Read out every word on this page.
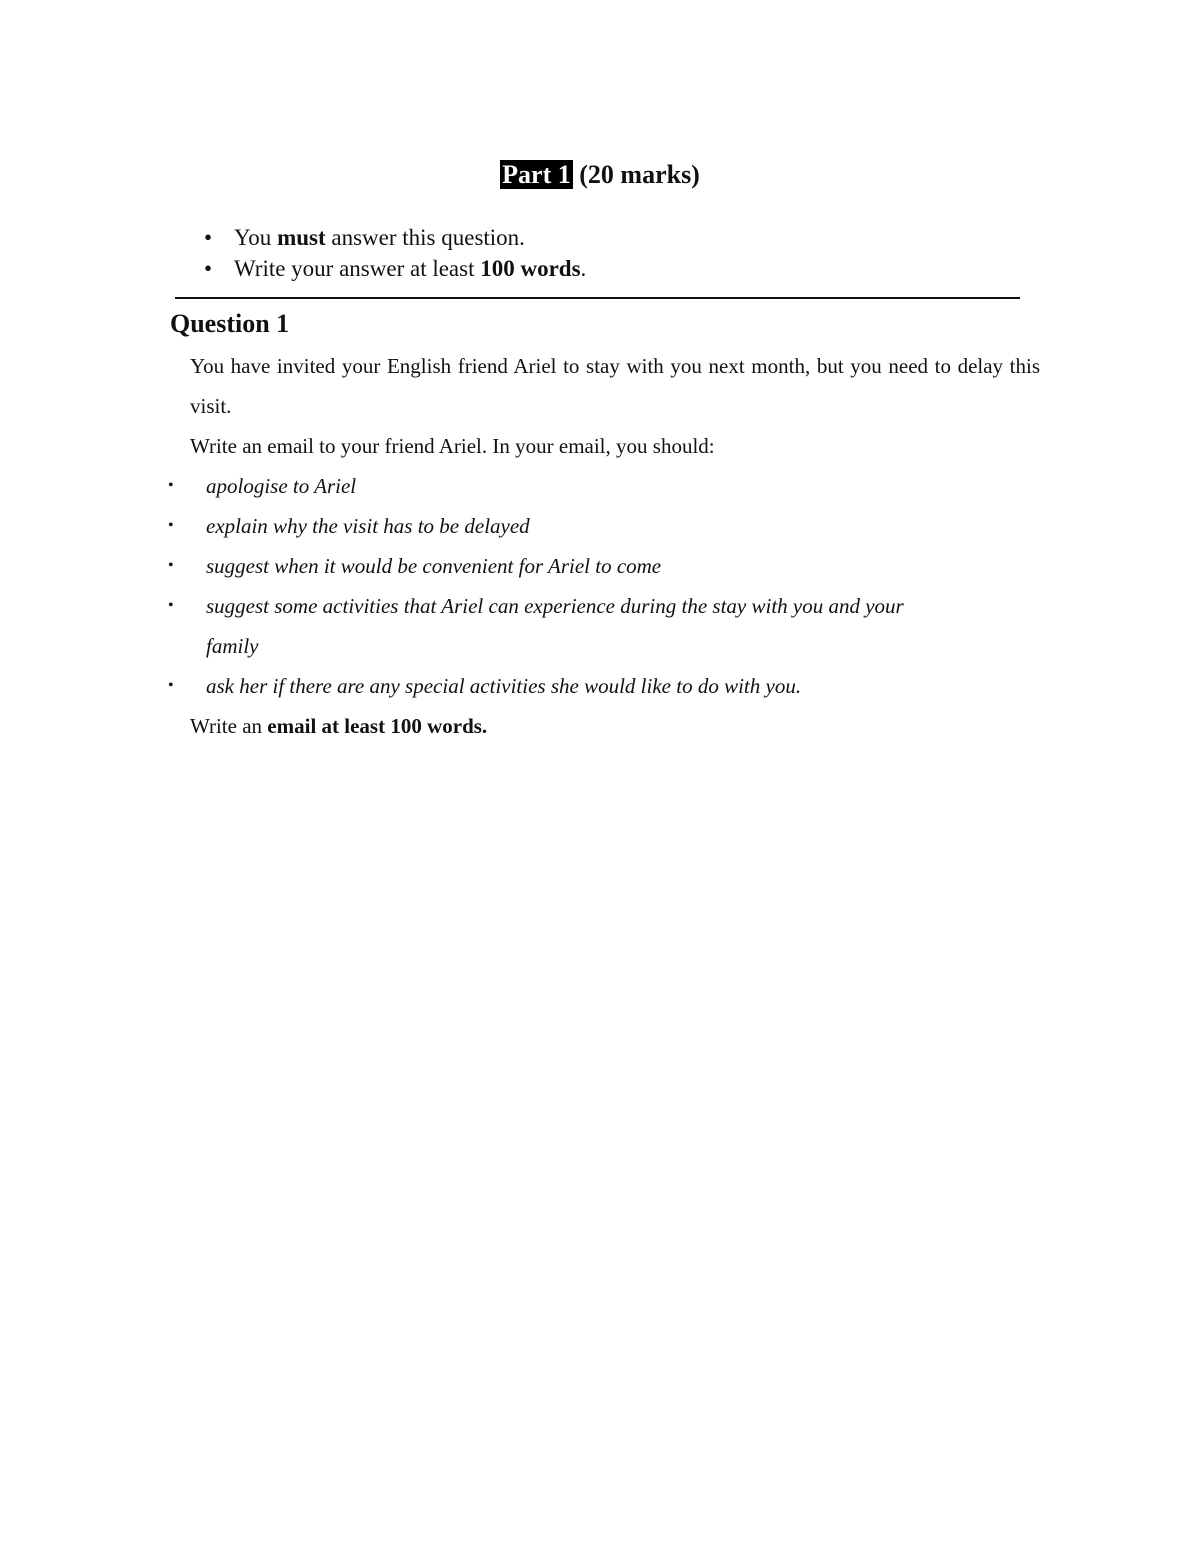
Part 1 (20 marks)
• You must answer this question.
• Write your answer at least 100 words.
Question 1
You have invited your English friend Ariel to stay with you next month, but you need to delay this visit.
Write an email to your friend Ariel. In your email, you should:
• apologise to Ariel
• explain why the visit has to be delayed
• suggest when it would be convenient for Ariel to come
• suggest some activities that Ariel can experience during the stay with you and your family
• ask her if there are any special activities she would like to do with you.
Write an email at least 100 words.
